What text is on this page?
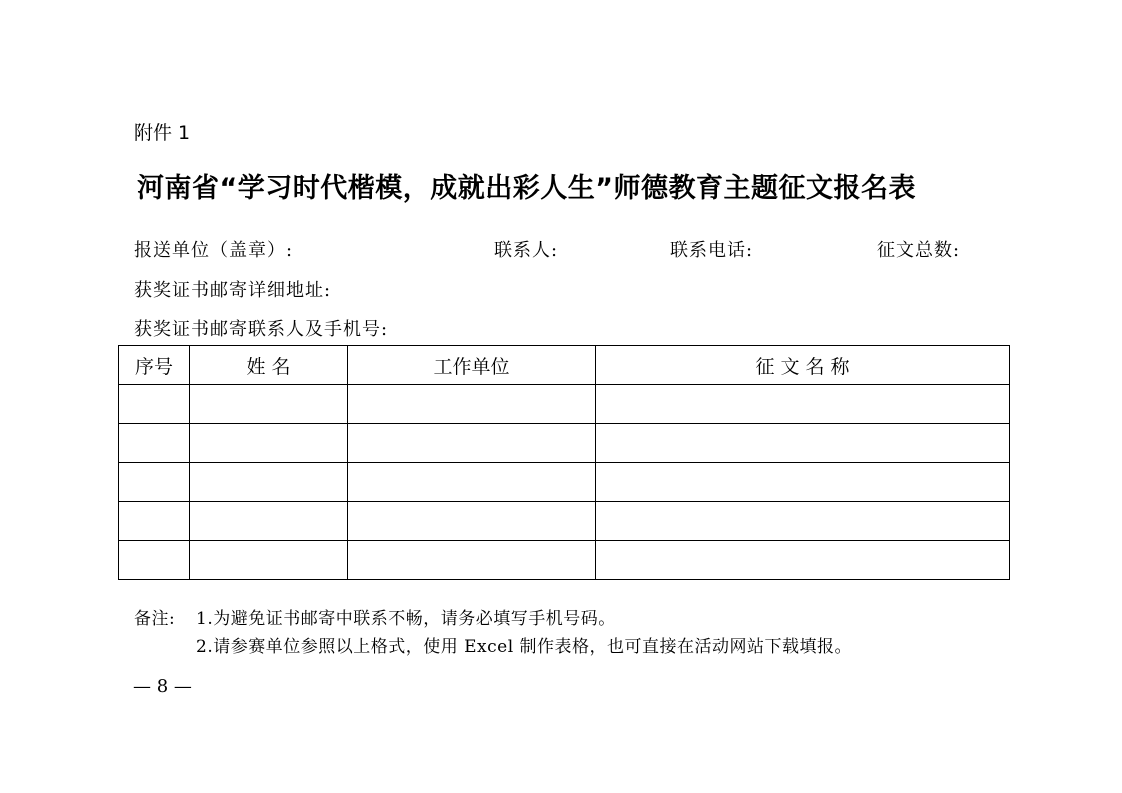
附件 1
河南省“学习时代楷模，成就出彩人生”师德教育主题征文报名表
报送单位（盖章）:	联系人:	联系电话:	征文总数:
获奖证书邮寄详细地址:
获奖证书邮寄联系人及手机号:
序号	姓 名	工作单位	征 文 名 称

备注: 1.为避免证书邮寄中联系不畅，请务必填写手机号码。
2.请参赛单位参照以上格式，使用 Excel 制作表格，也可直接在活动网站下载填报。
— 8 —
